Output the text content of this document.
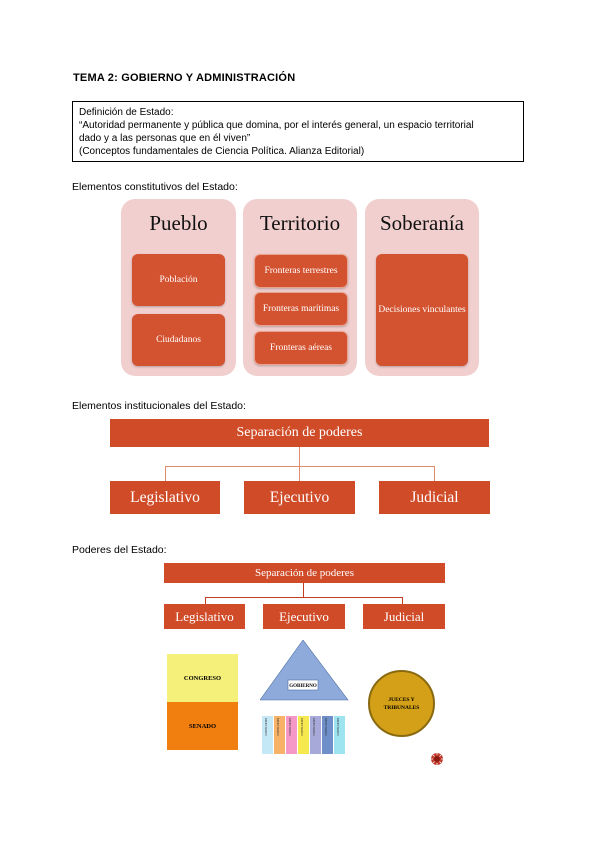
TEMA 2: GOBIERNO Y ADMINISTRACIÓN
Definición de Estado:
“Autoridad permanente y pública que domina, por el interés general, un espacio territorial
dado y a las personas que en él viven”
(Conceptos fundamentales de Ciencia Política. Alianza Editorial)
Elementos constitutivos del Estado:
Pueblo
Población
Ciudadanos
Territorio
Fronteras terrestres
Fronteras marítimas
Fronteras aéreas
Soberanía
Decisiones vinculantes
Elementos institucionales del Estado:
Separación de poderes
Legislativo	Ejecutivo	Judicial
Poderes del Estado:
Separación de poderes
Legislativo	Ejecutivo	Judicial
CONGRESO
SENADO
GOBIERNO
MINISTERIO	MINISTERIO	MINISTERIO	MINISTERIO	MINISTERIO	MINISTERIO	MINISTERIO
JUECES Y TRIBUNALES
